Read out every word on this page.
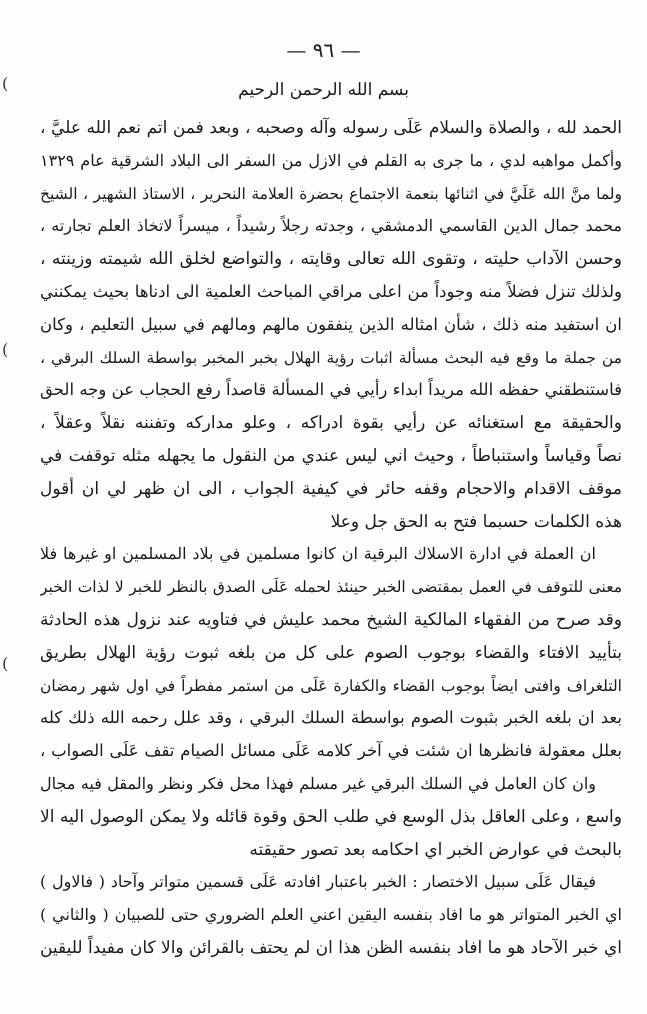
(
(
(
— ٩٦ —
بسم الله الرحمن الرحيم
الحمد لله ، والصلاة والسلام عَلَى رسوله وآله وصحبه ، وبعد فمن اتم نعم الله عليَّ ،
وأكمل مواهبه لدي ، ما جرى به القلم في الازل من السفر الى البلاد الشرقية عام ١٣٢٩
ولما منَّ الله عَلَيَّ في اثنائها بنعمة الاجتماع بحضرة العلامة النحرير ، الاستاذ الشهير ، الشيخ
محمد جمال الدين القاسمي الدمشقي ، وجدته رجلاً رشيداً ، ميسراً لاتخاذ العلم تجارته ،
وحسن الآداب حليته ، وتقوى الله تعالى وقايته ، والتواضع لخلق الله شيمته وزينته ،
ولذلك تنزل فضلاً منه وجوداً من اعلى مراقي المباحث العلمية الى ادناها بحيث يمكنني
ان استفيد منه ذلك ، شأن امثاله الذين ينفقون مالهم ومالهم في سبيل التعليم ، وكان
من جملة ما وقع فيه البحث مسألة اثبات رؤية الهلال بخبر المخبر بواسطة السلك البرقي ،
فاستنطقني حفظه الله مريداً ابداء رأيي في المسألة قاصداً رفع الحجاب عن وجه الحق
والحقيقة مع استغنائه عن رأيي بقوة ادراكه ، وعلو مداركه وتفننه نقلاً وعقلاً ،
نصاً وقياساً واستنباطاً ، وحيث اني ليس عندي من النقول ما يجهله مثله توقفت في
موقف الاقدام والاحجام وقفه حائر في كيفية الجواب ، الى ان ظهر لي ان أقول
هذه الكلمات حسبما فتح به الحق جل وعلا
ان العملة في ادارة الاسلاك البرقية ان كانوا مسلمين في بلاد المسلمين او غيرها فلا
معنى للتوقف في العمل بمقتضى الخبر حينئذ لحمله عَلَى الصدق بالنظر للخبر لا لذات الخبر
وقد صرح من الفقهاء المالكية الشيخ محمد عليش في فتاويه عند نزول هذه الحادثة
بتأييد الافتاء والقضاء بوجوب الصوم على كل من بلغه ثبوت رؤية الهلال بطريق
التلغراف وافتى ايضاً بوجوب القضاء والكفارة عَلَى من استمر مفطراً في اول شهر رمضان
بعد ان بلغه الخبر بثبوت الصوم بواسطة السلك البرقي ، وقد علل رحمه الله ذلك كله
بعلل معقولة فانظرها ان شئت في آخر كلامه عَلَى مسائل الصيام تقف عَلَى الصواب ،
وان كان العامل في السلك البرقي غير مسلم فهذا محل فكر ونظر والمقل فيه مجال
واسع ، وعلى العاقل بذل الوسع في طلب الحق وقوة قائله ولا يمكن الوصول اليه الا
بالبحث في عوارض الخبر اي احكامه بعد تصور حقيقته
فيقال عَلَى سبيل الاختصار : الخبر باعتبار افادته عَلَى قسمين متواتر وآحاد ( فالاول )
اي الخبر المتواتر هو ما افاد بنفسه اليقين اعني العلم الضروري حتى للصبيان ( والثاني )
اي خبر الآحاد هو ما افاد بنفسه الظن هذا ان لم يحتف بالقرائن والا كان مفيداً لليقين
